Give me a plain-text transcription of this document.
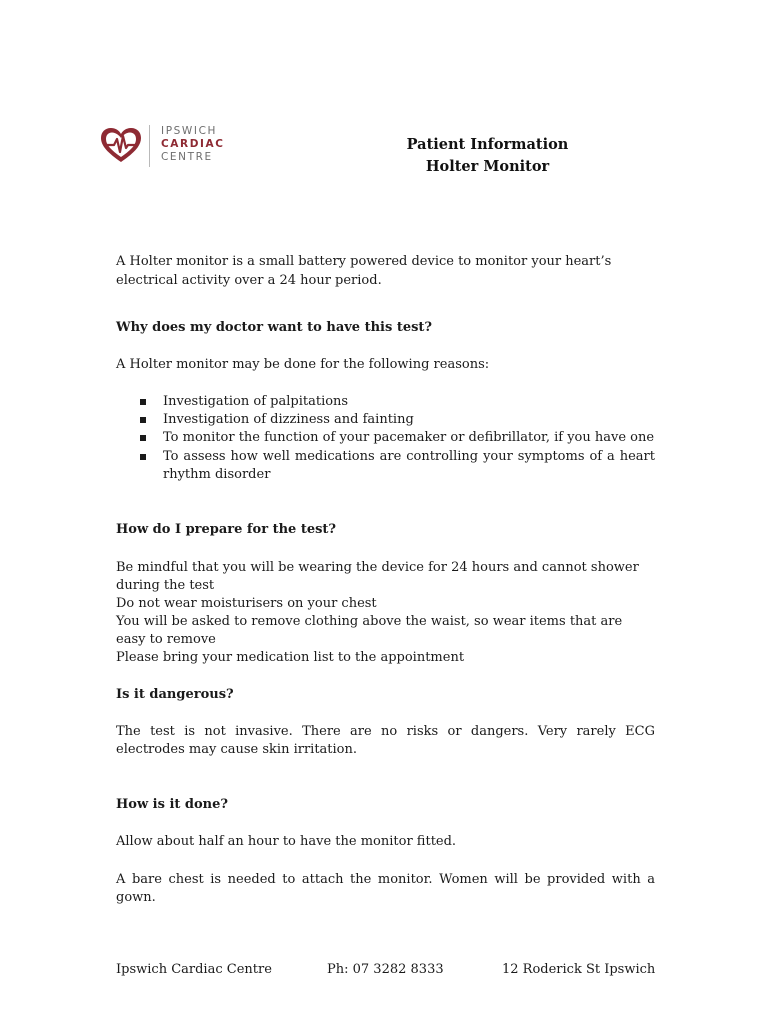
IPSWICH
CARDIAC
CENTRE
Patient Information
Holter Monitor
A Holter monitor is a small battery powered device to monitor your heart’s
electrical activity over a 24 hour period.
Why does my doctor want to have this test?
A Holter monitor may be done for the following reasons:
Investigation of palpitations
Investigation of dizziness and fainting
To monitor the function of your pacemaker or defibrillator, if you have one
To assess how well medications are controlling your symptoms of a heart rhythm disorder
How do I prepare for the test?
Be mindful that you will be wearing the device for 24 hours and cannot shower during the test
Do not wear moisturisers on your chest
You will be asked to remove clothing above the waist, so wear items that are easy to remove
Please bring your medication list to the appointment
Is it dangerous?
The test is not invasive. There are no risks or dangers. Very rarely ECG electrodes may cause skin irritation.
How is it done?
Allow about half an hour to have the monitor fitted.
A bare chest is needed to attach the monitor. Women will be provided with a gown.
Ipswich Cardiac Centre	Ph: 07 3282 8333	12 Roderick St Ipswich
